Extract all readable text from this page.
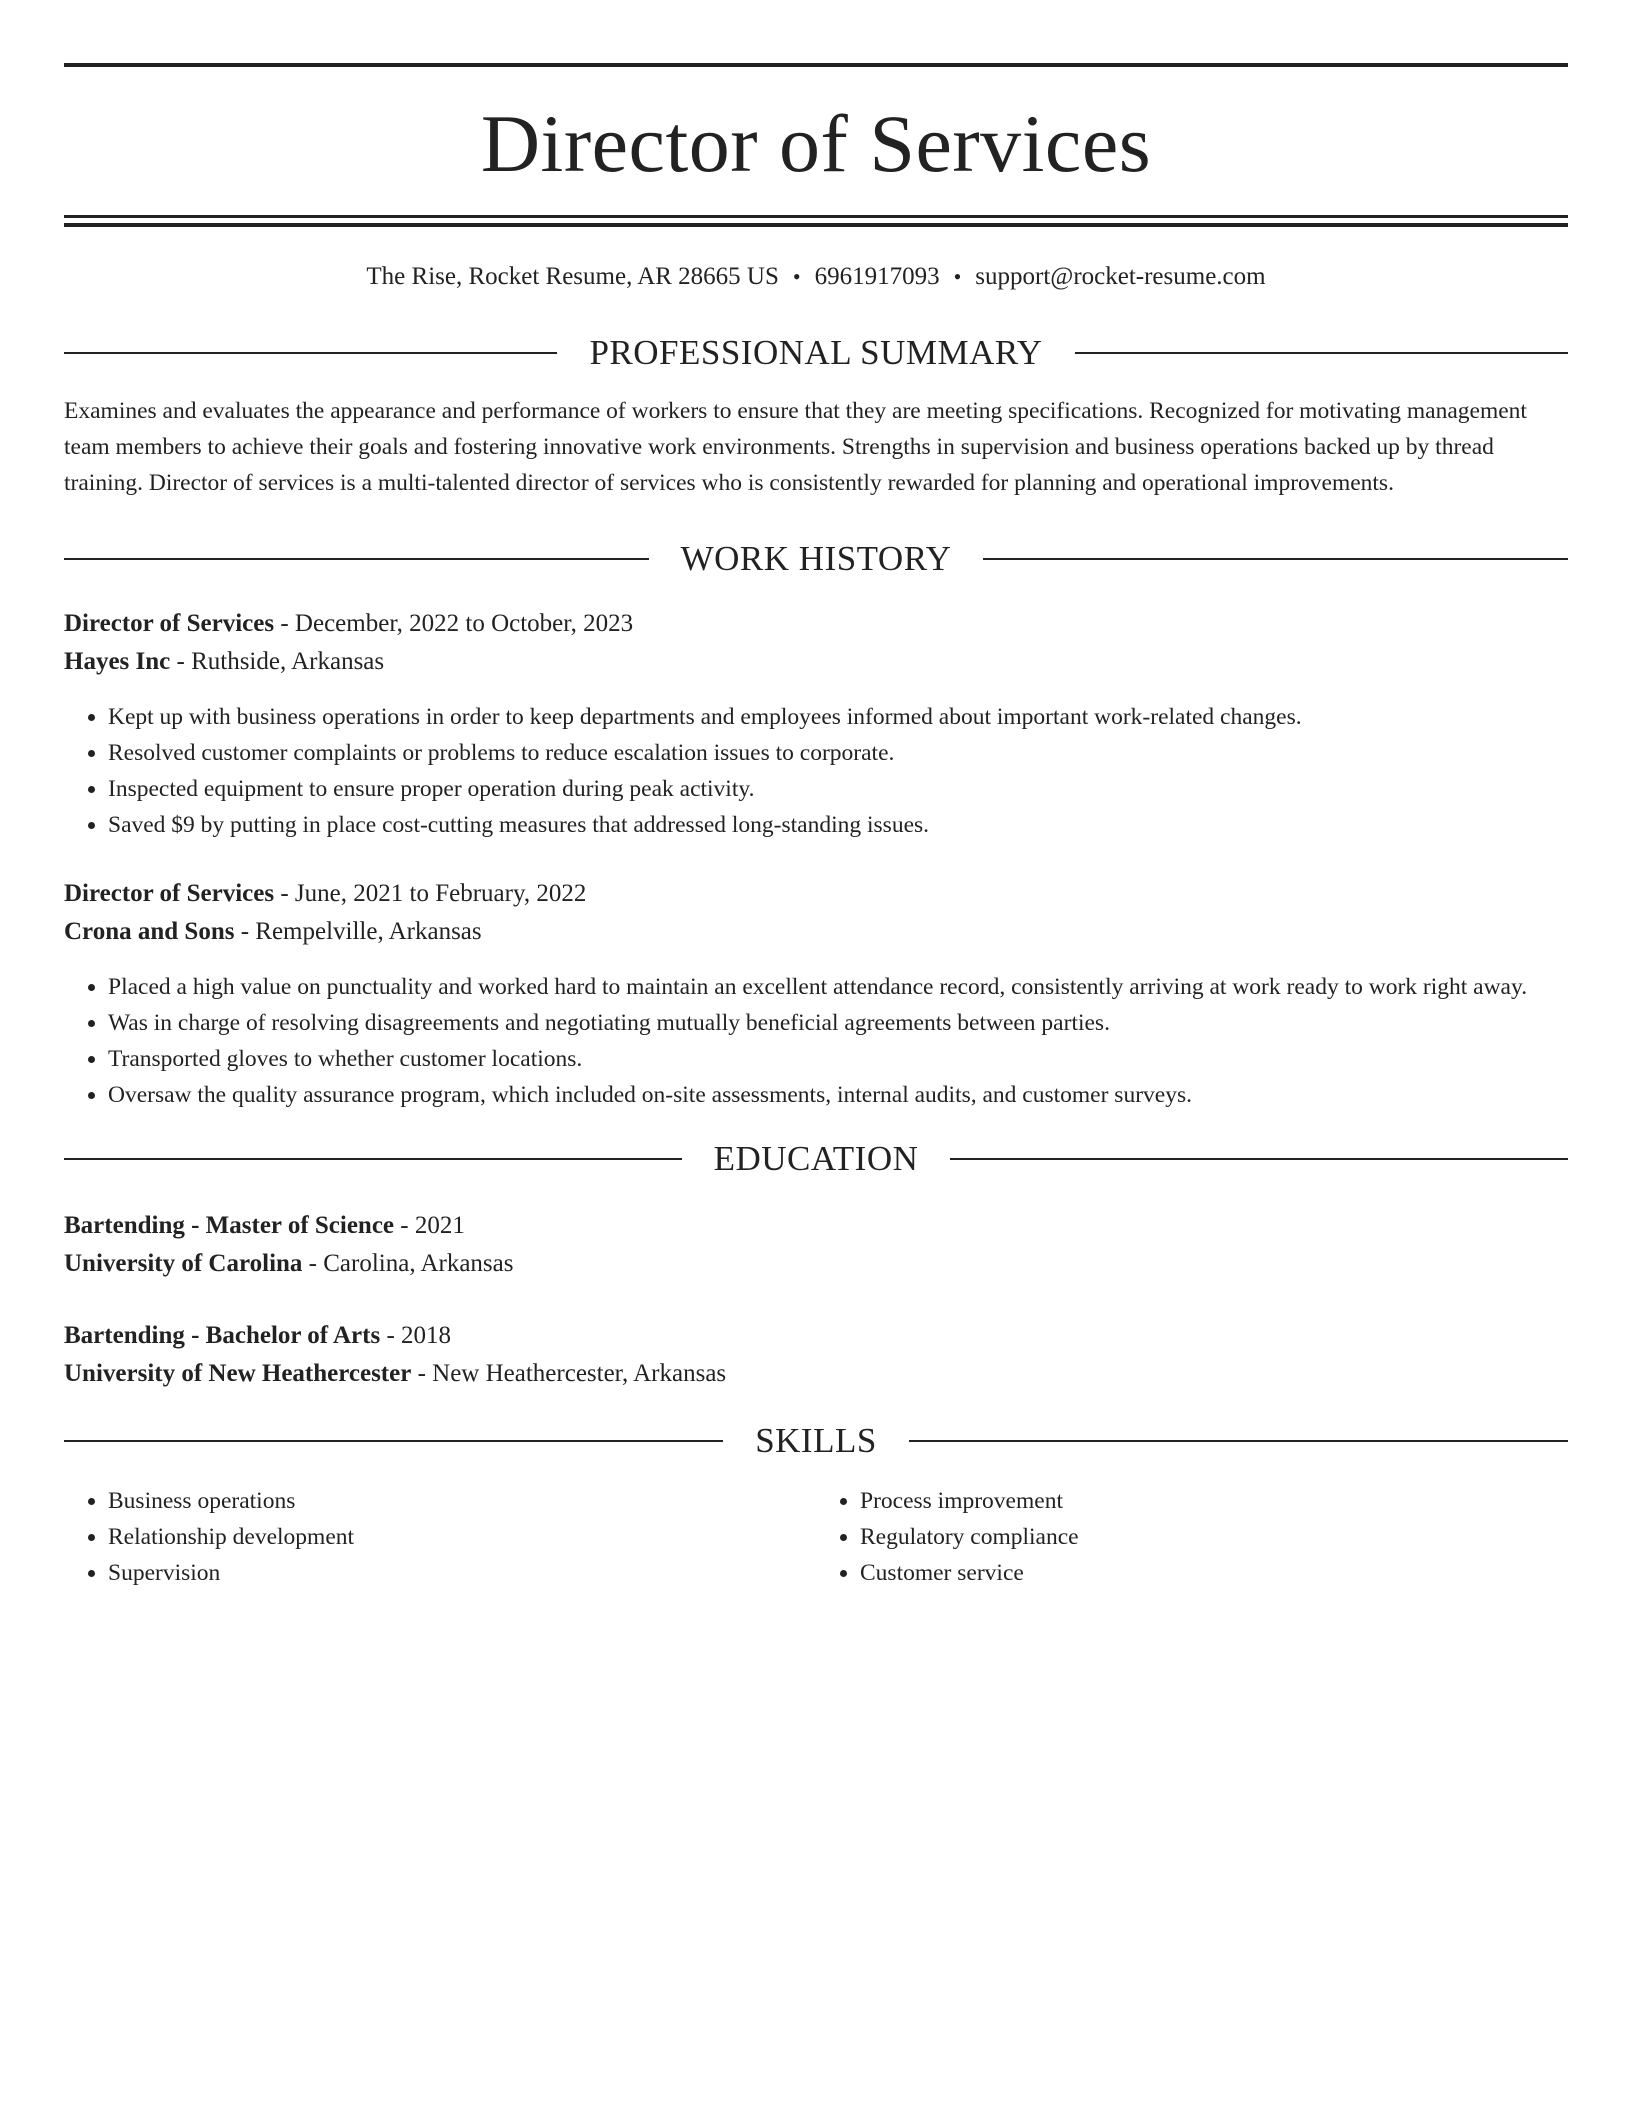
Director of Services
The Rise, Rocket Resume, AR 28665 US • 6961917093 • support@rocket-resume.com
PROFESSIONAL SUMMARY
Examines and evaluates the appearance and performance of workers to ensure that they are meeting specifications. Recognized for motivating management team members to achieve their goals and fostering innovative work environments. Strengths in supervision and business operations backed up by thread training. Director of services is a multi-talented director of services who is consistently rewarded for planning and operational improvements.
WORK HISTORY
Director of Services - December, 2022 to October, 2023
Hayes Inc - Ruthside, Arkansas
• Kept up with business operations in order to keep departments and employees informed about important work-related changes.
• Resolved customer complaints or problems to reduce escalation issues to corporate.
• Inspected equipment to ensure proper operation during peak activity.
• Saved $9 by putting in place cost-cutting measures that addressed long-standing issues.
Director of Services - June, 2021 to February, 2022
Crona and Sons - Rempelville, Arkansas
• Placed a high value on punctuality and worked hard to maintain an excellent attendance record, consistently arriving at work ready to work right away.
• Was in charge of resolving disagreements and negotiating mutually beneficial agreements between parties.
• Transported gloves to whether customer locations.
• Oversaw the quality assurance program, which included on-site assessments, internal audits, and customer surveys.
EDUCATION
Bartending - Master of Science - 2021
University of Carolina - Carolina, Arkansas
Bartending - Bachelor of Arts - 2018
University of New Heathercester - New Heathercester, Arkansas
SKILLS
• Business operations
• Relationship development
• Supervision
• Process improvement
• Regulatory compliance
• Customer service
